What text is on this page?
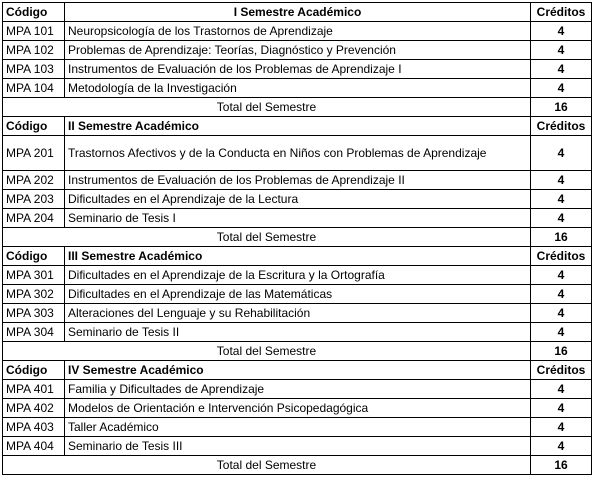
Código	I Semestre Académico	Créditos
MPA 101	Neuropsicología de los Trastornos de Aprendizaje	4
MPA 102	Problemas de Aprendizaje: Teorías, Diagnóstico y Prevención	4
MPA 103	Instrumentos de Evaluación de los Problemas de Aprendizaje I	4
MPA 104	Metodología de la Investigación	4
Total del Semestre		16
Código	II Semestre Académico	Créditos
MPA 201	Trastornos Afectivos y de la Conducta en Niños con Problemas de Aprendizaje	4
MPA 202	Instrumentos de Evaluación de los Problemas de Aprendizaje II	4
MPA 203	Dificultades en el Aprendizaje de la Lectura	4
MPA 204	Seminario de Tesis I	4
Total del Semestre		16
Código	III Semestre Académico	Créditos
MPA 301	Dificultades en el Aprendizaje de la Escritura y la Ortografía	4
MPA 302	Dificultades en el Aprendizaje de las Matemáticas	4
MPA 303	Alteraciones del Lenguaje y su Rehabilitación	4
MPA 304	Seminario de Tesis II	4
Total del Semestre		16
Código	IV Semestre Académico	Créditos
MPA 401	Familia y Dificultades de Aprendizaje	4
MPA 402	Modelos de Orientación e Intervención Psicopedagógica	4
MPA 403	Taller Académico	4
MPA 404	Seminario de Tesis III	4
Total del Semestre		16
